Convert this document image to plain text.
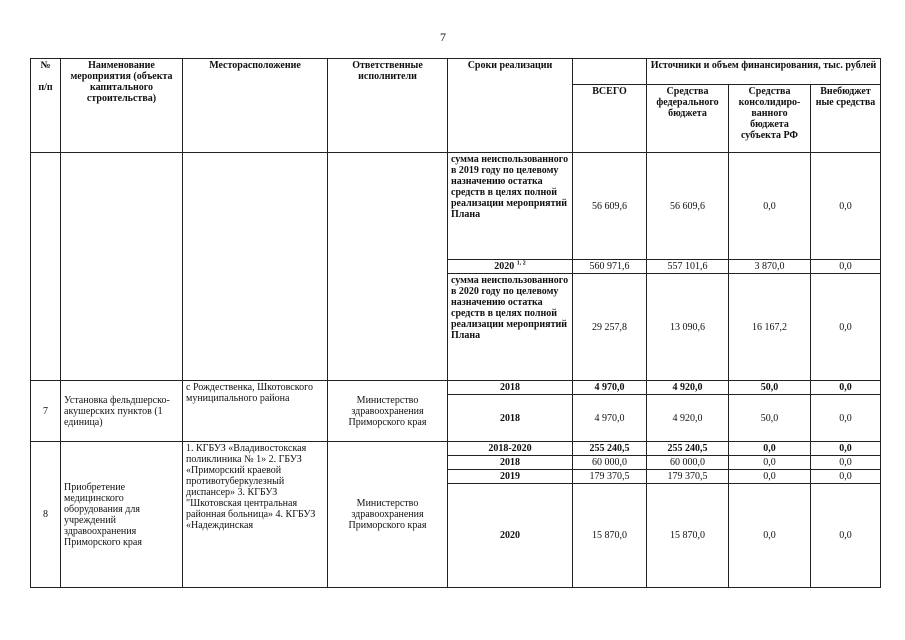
7
№

п/п	Наименование мероприятия (объекта капитального строительства)	Месторасположение	Ответственные исполнители	Сроки реализации		Источники и объем финансирования, тыс. рублей		
					ВСЕГО	Средства федерального бюджета	Средства консолидиро-ванного бюджета субъекта РФ	Внебюджет ные средства
				сумма неиспользованного в 2019 году по целевому назначению остатка средств в целях полной реализации мероприятий Плана	56 609,6	56 609,6	0,0	0,0
				2020 $^{1, 2}$	560 971,6	557 101,6	3 870,0	0,0
				сумма неиспользованного в 2020 году по целевому назначению остатка средств в целях полной реализации мероприятий Плана	29 257,8	13 090,6	16 167,2	0,0
7	Установка фельдшерско-акушерских пунктов (1 единица)	с Рождественка, Шкотовского муниципального района	Министерство здравоохранения Приморского края	2018	4 970,0	4 920,0	50,0	0,0
				2018	4 970,0	4 920,0	50,0	0,0
8	Приобретение медицинского оборудования для учреждений здравоохранения Приморского края	1. КГБУЗ «Владивостокская поликлиника № 1» 2. ГБУЗ «Приморский краевой противотуберкулезный диспансер» 3. КГБУЗ "Шкотовская центральная районная больница» 4. КГБУЗ «Надеждинская	Министерство здравоохранения Приморского края	2018-2020	255 240,5	255 240,5	0,0	0,0
				2018	60 000,0	60 000,0	0,0	0,0
				2019	179 370,5	179 370,5	0,0	0,0
				2020	15 870,0	15 870,0	0,0	0,0
